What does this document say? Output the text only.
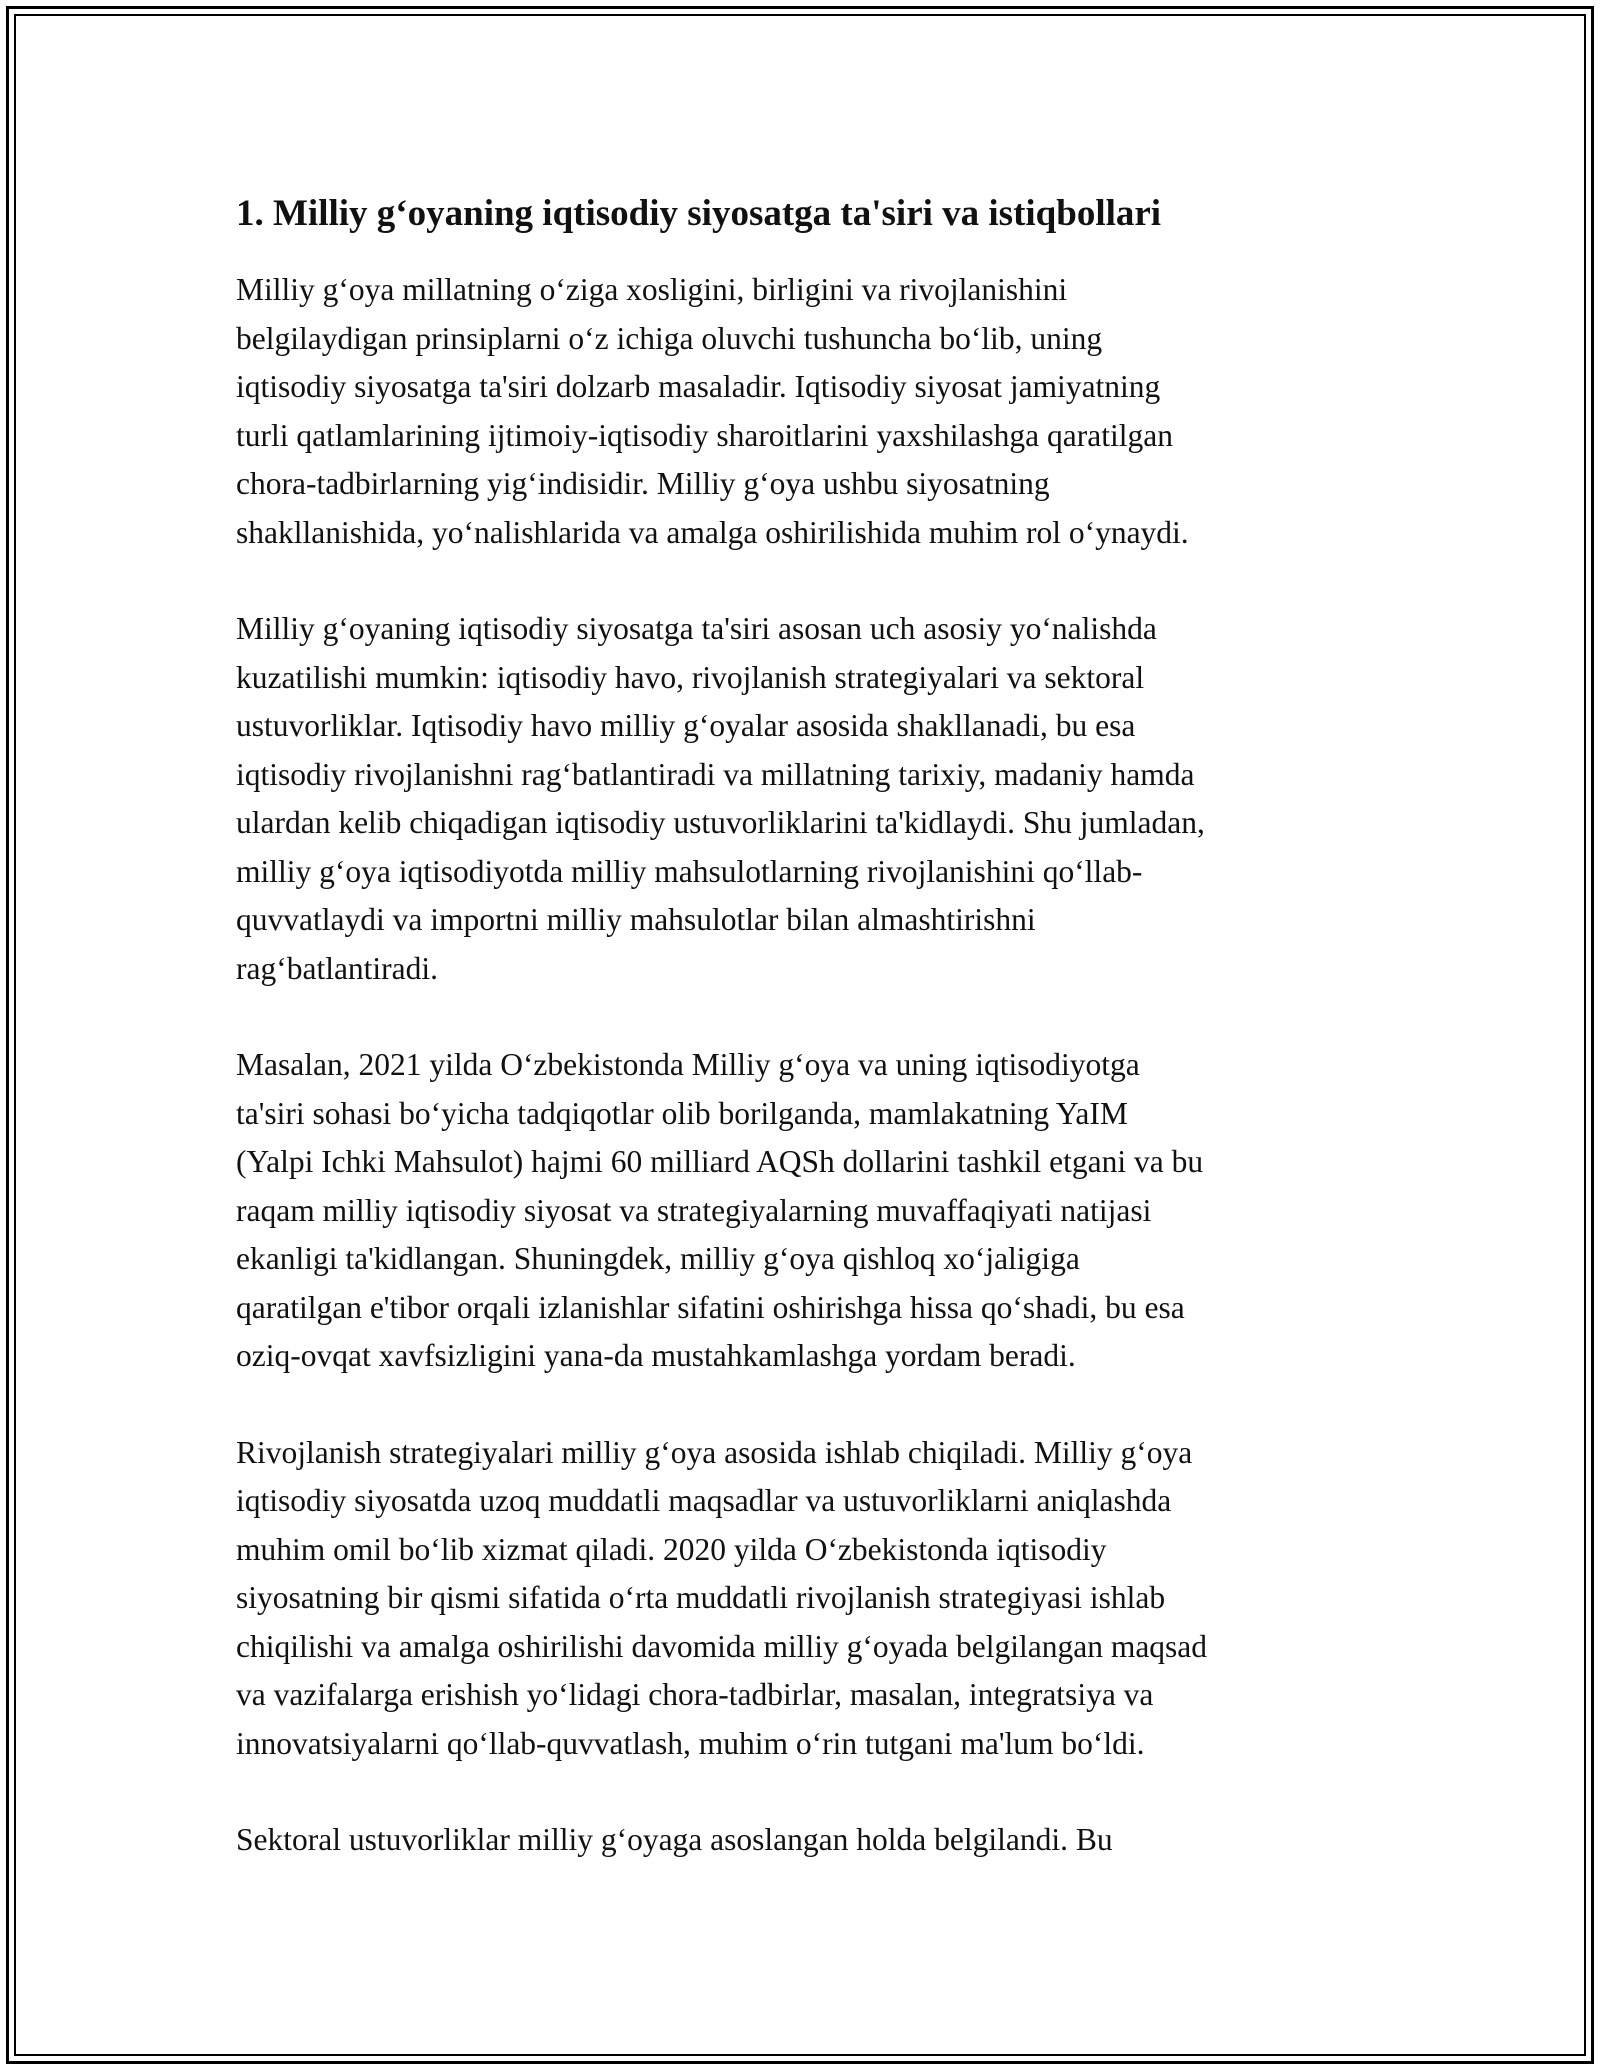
1. Milliy g‘oyaning iqtisodiy siyosatga ta'siri va istiqbollari

Milliy g‘oya millatning o‘ziga xosligini, birligini va rivojlanishini
belgilaydigan prinsiplarni o‘z ichiga oluvchi tushuncha bo‘lib, uning
iqtisodiy siyosatga ta'siri dolzarb masaladir. Iqtisodiy siyosat jamiyatning
turli qatlamlarining ijtimoiy-iqtisodiy sharoitlarini yaxshilashga qaratilgan
chora-tadbirlarning yig‘indisidir. Milliy g‘oya ushbu siyosatning
shakllanishida, yo‘nalishlarida va amalga oshirilishida muhim rol o‘ynaydi.

Milliy g‘oyaning iqtisodiy siyosatga ta'siri asosan uch asosiy yo‘nalishda
kuzatilishi mumkin: iqtisodiy havo, rivojlanish strategiyalari va sektoral
ustuvorliklar. Iqtisodiy havo milliy g‘oyalar asosida shakllanadi, bu esa
iqtisodiy rivojlanishni rag‘batlantiradi va millatning tarixiy, madaniy hamda
ulardan kelib chiqadigan iqtisodiy ustuvorliklarini ta'kidlaydi. Shu jumladan,
milliy g‘oya iqtisodiyotda milliy mahsulotlarning rivojlanishini qo‘llab-
quvvatlaydi va importni milliy mahsulotlar bilan almashtirishni
rag‘batlantiradi.

Masalan, 2021 yilda O‘zbekistonda Milliy g‘oya va uning iqtisodiyotga
ta'siri sohasi bo‘yicha tadqiqotlar olib borilganda, mamlakatning YaIM
(Yalpi Ichki Mahsulot) hajmi 60 milliard AQSh dollarini tashkil etgani va bu
raqam milliy iqtisodiy siyosat va strategiyalarning muvaffaqiyati natijasi
ekanligi ta'kidlangan. Shuningdek, milliy g‘oya qishloq xo‘jaligiga
qaratilgan e'tibor orqali izlanishlar sifatini oshirishga hissa qo‘shadi, bu esa
oziq-ovqat xavfsizligini yana-da mustahkamlashga yordam beradi.

Rivojlanish strategiyalari milliy g‘oya asosida ishlab chiqiladi. Milliy g‘oya
iqtisodiy siyosatda uzoq muddatli maqsadlar va ustuvorliklarni aniqlashda
muhim omil bo‘lib xizmat qiladi. 2020 yilda O‘zbekistonda iqtisodiy
siyosatning bir qismi sifatida o‘rta muddatli rivojlanish strategiyasi ishlab
chiqilishi va amalga oshirilishi davomida milliy g‘oyada belgilangan maqsad
va vazifalarga erishish yo‘lidagi chora-tadbirlar, masalan, integratsiya va
innovatsiyalarni qo‘llab-quvvatlash, muhim o‘rin tutgani ma'lum bo‘ldi.

Sektoral ustuvorliklar milliy g‘oyaga asoslangan holda belgilandi. Bu
